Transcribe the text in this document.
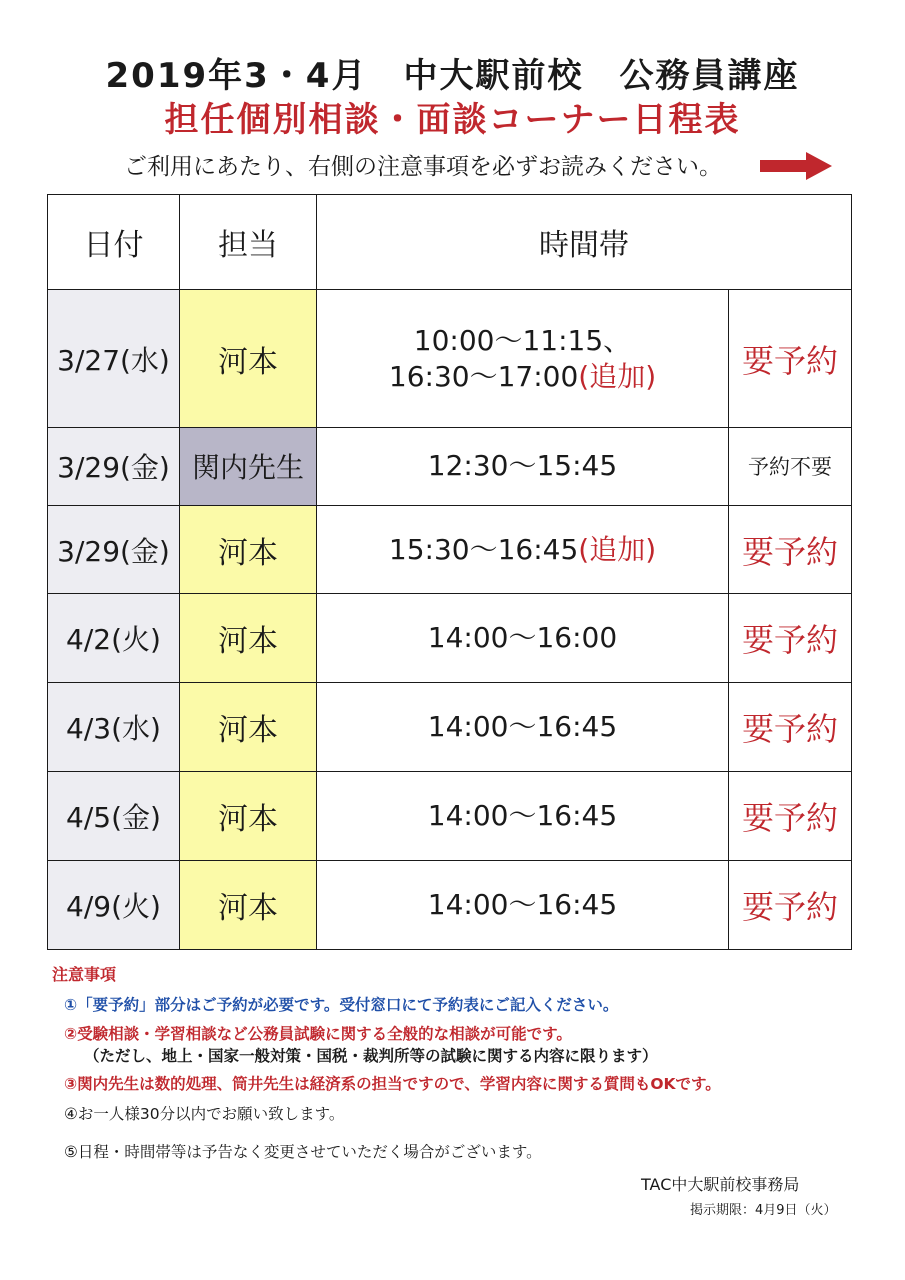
2019年3・4月 中大駅前校 公務員講座
担任個別相談・面談コーナー日程表
ご利用にあたり、右側の注意事項を必ずお読みください。
日付	担当	時間帯	
3/27(水)	河本	10:00～11:15、
16:30～17:00(追加)	要予約
3/29(金)	関内先生	12:30～15:45	予約不要
3/29(金)	河本	15:30～16:45(追加)	要予約
4/2(火)	河本	14:00～16:00	要予約
4/3(水)	河本	14:00～16:45	要予約
4/5(金)	河本	14:00～16:45	要予約
4/9(火)	河本	14:00～16:45	要予約
注意事項
①「要予約」部分はご予約が必要です。受付窓口にて予約表にご記入ください。
②受験相談・学習相談など公務員試験に関する全般的な相談が可能です。
（ただし、地上・国家一般対策・国税・裁判所等の試験に関する内容に限ります）
③関内先生は数的処理、筒井先生は経済系の担当ですので、学習内容に関する質問もOKです。
④お一人様30分以内でお願い致します。
⑤日程・時間帯等は予告なく変更させていただく場合がございます。
TAC中大駅前校事務局
掲示期限：4月9日（火）
